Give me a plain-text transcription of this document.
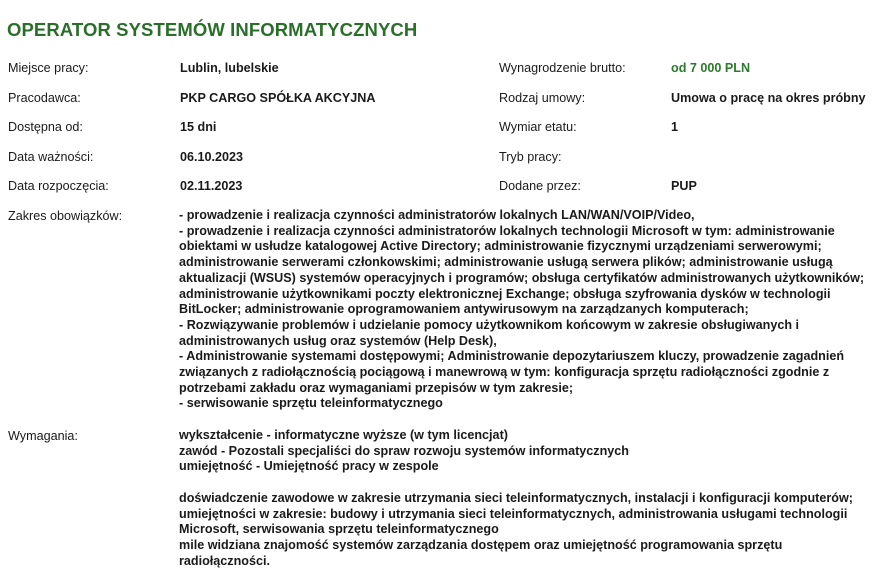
OPERATOR SYSTEMÓW INFORMATYCZNYCH
Miejsce pracy:	Lublin, lubelskie
Pracodawca:	PKP CARGO SPÓŁKA AKCYJNA
Dostępna od:	15 dni
Data ważności:	06.10.2023
Data rozpoczęcia:	02.11.2023
Wynagrodzenie brutto:	od 7 000 PLN
Rodzaj umowy:	Umowa o pracę na okres próbny
Wymiar etatu:	1
Tryb pracy:
Dodane przez:	PUP
Zakres obowiązków:	- prowadzenie i realizacja czynności administratorów lokalnych LAN/WAN/VOIP/Video,
- prowadzenie i realizacja czynności administratorów lokalnych technologii Microsoft w tym: administrowanie
obiektami w usłudze katalogowej Active Directory; administrowanie fizycznymi urządzeniami serwerowymi;
administrowanie serwerami członkowskimi; administrowanie usługą serwera plików; administrowanie usługą
aktualizacji (WSUS) systemów operacyjnych i programów; obsługa certyfikatów administrowanych użytkowników;
administrowanie użytkownikami poczty elektronicznej Exchange; obsługa szyfrowania dysków w technologii
BitLocker; administrowanie oprogramowaniem antywirusowym na zarządzanych komputerach;
- Rozwiązywanie problemów i udzielanie pomocy użytkownikom końcowym w zakresie obsługiwanych i
administrowanych usług oraz systemów (Help Desk),
- Administrowanie systemami dostępowymi; Administrowanie depozytariuszem kluczy, prowadzenie zagadnień
związanych z radiołącznością pociągową i manewrową w tym: konfiguracja sprzętu radiołączności zgodnie z
potrzebami zakładu oraz wymaganiami przepisów w tym zakresie;
- serwisowanie sprzętu teleinformatycznego
Wymagania:	wykształcenie - informatyczne wyższe (w tym licencjat)
zawód - Pozostali specjaliści do spraw rozwoju systemów informatycznych
umiejętność - Umiejętność pracy w zespole
doświadczenie zawodowe w zakresie utrzymania sieci teleinformatycznych, instalacji i konfiguracji komputerów;
umiejętności w zakresie: budowy i utrzymania sieci teleinformatycznych, administrowania usługami technologii
Microsoft, serwisowania sprzętu teleinformatycznego
mile widziana znajomość systemów zarządzania dostępem oraz umiejętność programowania sprzętu
radiołączności.
